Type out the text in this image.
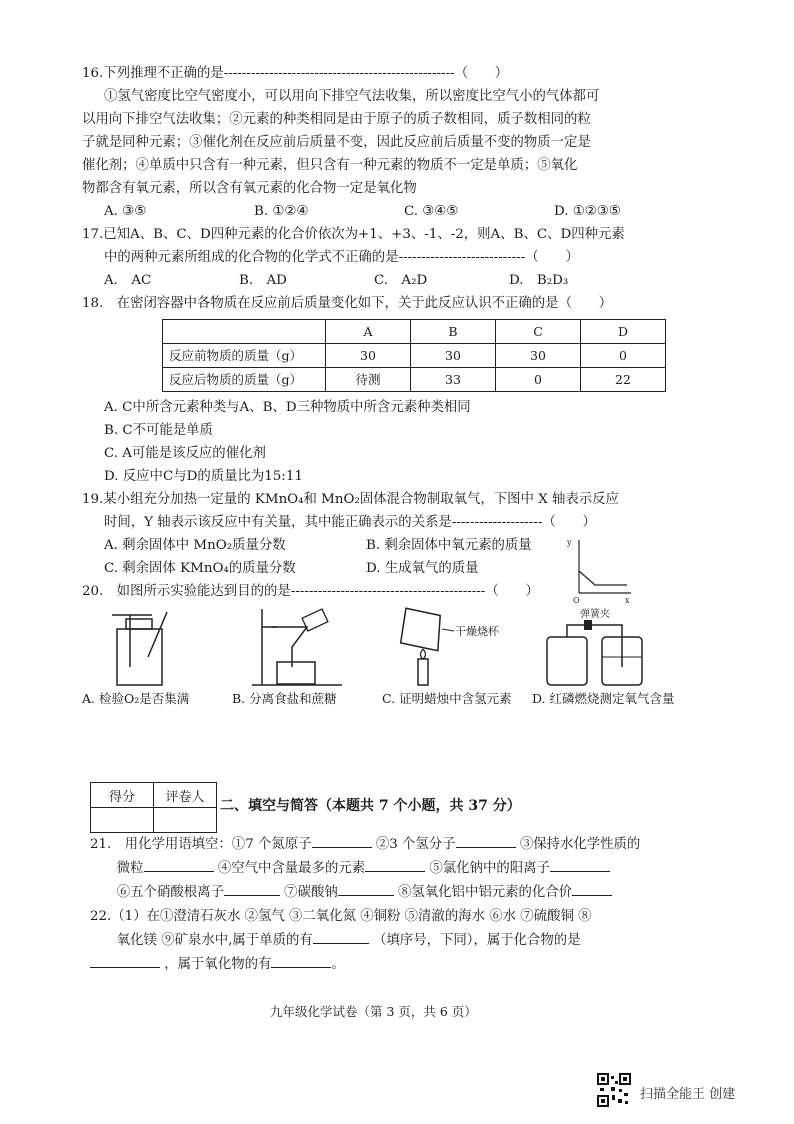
16.下列推理不正确的是---------------------------------------------------（　　）

①氢气密度比空气密度小，可以用向下排空气法收集，所以密度比空气小的气体都可

以用向下排空气法收集；②元素的种类相同是由于原子的质子数相同，质子数相同的粒

子就是同种元素；③催化剂在反应前后质量不变，因此反应前后质量不变的物质一定是

催化剂；④单质中只含有一种元素，但只含有一种元素的物质不一定是单质；⑤氧化

物都含有氧元素，所以含有氧元素的化合物一定是氧化物

A. ③⑤	B. ①②④	C. ③④⑤	D. ①②③⑤

17.已知A、B、C、D四种元素的化合价依次为+1、+3、-1、-2，则A、B、C、D四种元素

中的两种元素所组成的化合物的化学式不正确的是----------------------------（　　）

A.　AC	B.　AD	C.　A₂D	D.　B₂D₃

18.　在密闭容器中各物质在反应前后质量变化如下，关于此反应认识不正确的是（　　）

	A	B	C	D
反应前物质的质量（g）	30	30	30	0
反应后物质的质量（g）	待测	33	0	22

A. C中所含元素种类与A、B、D三种物质中所含元素种类相同

B. C不可能是单质

C. A可能是该反应的催化剂

D. 反应中C与D的质量比为15:11

19.某小组充分加热一定量的 KMnO₄和 MnO₂固体混合物制取氧气，下图中 X 轴表示反应

时间，Y 轴表示该反应中有关量，其中能正确表示的关系是--------------------（　　）

A. 剩余固体中 MnO₂质量分数	B. 剩余固体中氧元素的质量
C. 剩余固体 KMnO₄的质量分数	D. 生成氧气的质量

20.　如图所示实验能达到目的的是-------------------------------------------（　　）

A. 检验O₂是否集满	B. 分离食盐和蔗糖
干燥烧杯
C. 证明蜡烛中含氢元素
弹簧夹
D. 红磷燃烧测定氧气含量
y
O	x
得分	评卷人

二、填空与简答（本题共 7 个小题，共 37 分）
21.　用化学用语填空：①7 个氮原子	②3 个氢分子	③保持水化学性质的
　　微粒	④空气中含量最多的元素	⑤氯化钠中的阳离子
　　⑥五个硝酸根离子	⑦碳酸钠	⑧氢氧化铝中铝元素的化合价
22.（1）在①澄清石灰水 ②氢气 ③二氧化氮 ④铜粉 ⑤清澈的海水 ⑥水 ⑦硫酸铜 ⑧
　　氧化镁 ⑨矿泉水中,属于单质的有	（填序号，下同），属于化合物的是
，属于氧化物的有	。
九年级化学试卷（第 3 页，共 6 页）
扫描全能王 创建
